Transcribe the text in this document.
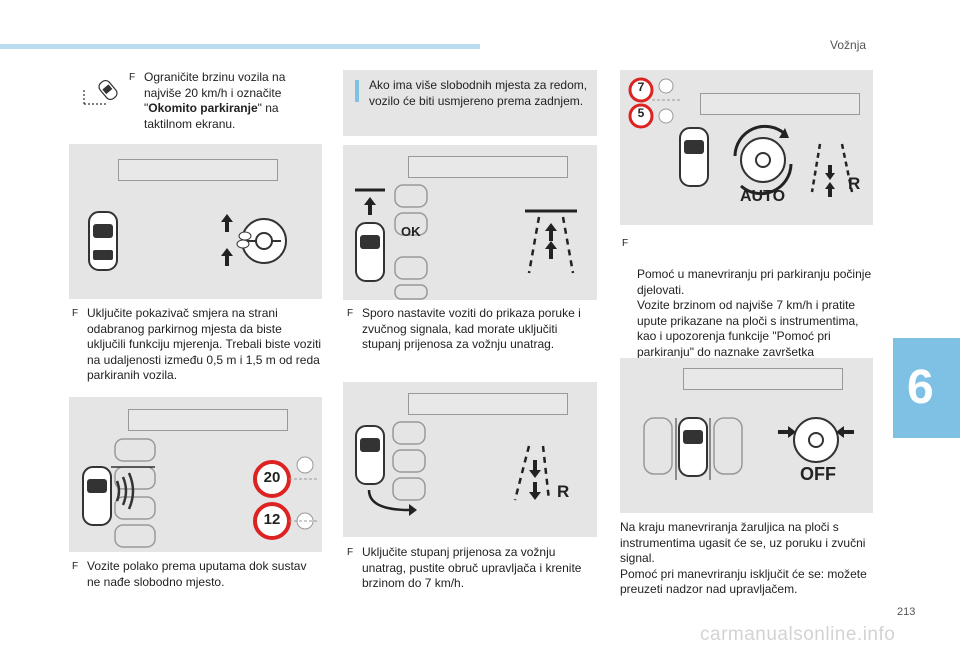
Vožnja
6
213
carmanualsonline.info
F Ograničite brzinu vozila na najviše 20 km/h i označite "Okomito parkiranje" na taktilnom ekranu.
F Uključite pokazivač smjera na strani odabranog parkirnog mjesta da biste uključili funkciju mjerenja. Trebali biste voziti na udaljenosti između 0,5 m i 1,5 m od reda parkiranih vozila.
20
12
F Vozite polako prema uputama dok sustav ne nađe slobodno mjesto.
Ako ima više slobodnih mjesta za redom, vozilo će biti usmjereno prema zadnjem.
OK
F Sporo nastavite voziti do prikaza poruke i zvučnog signala, kad morate uključiti stupanj prijenosa za vožnju unatrag.
R
F Uključite stupanj prijenosa za vožnju unatrag, pustite obruč upravljača i krenite brzinom do 7 km/h.
7
5
AUTO
R

F

Pomoć u manevriranju pri parkiranju počinje djelovati.
Vozite brzinom od najviše 7 km/h i pratite upute prikazane na ploči s instrumentima, kao i upozorenja funkcije "Pomoć pri parkiranju" do naznake završetka

OFF
Na kraju manevriranja žaruljica na ploči s instrumentima ugasit će se, uz poruku i zvučni signal.
Pomoć pri manevriranju isključit će se: možete preuzeti nadzor nad upravljačem.
